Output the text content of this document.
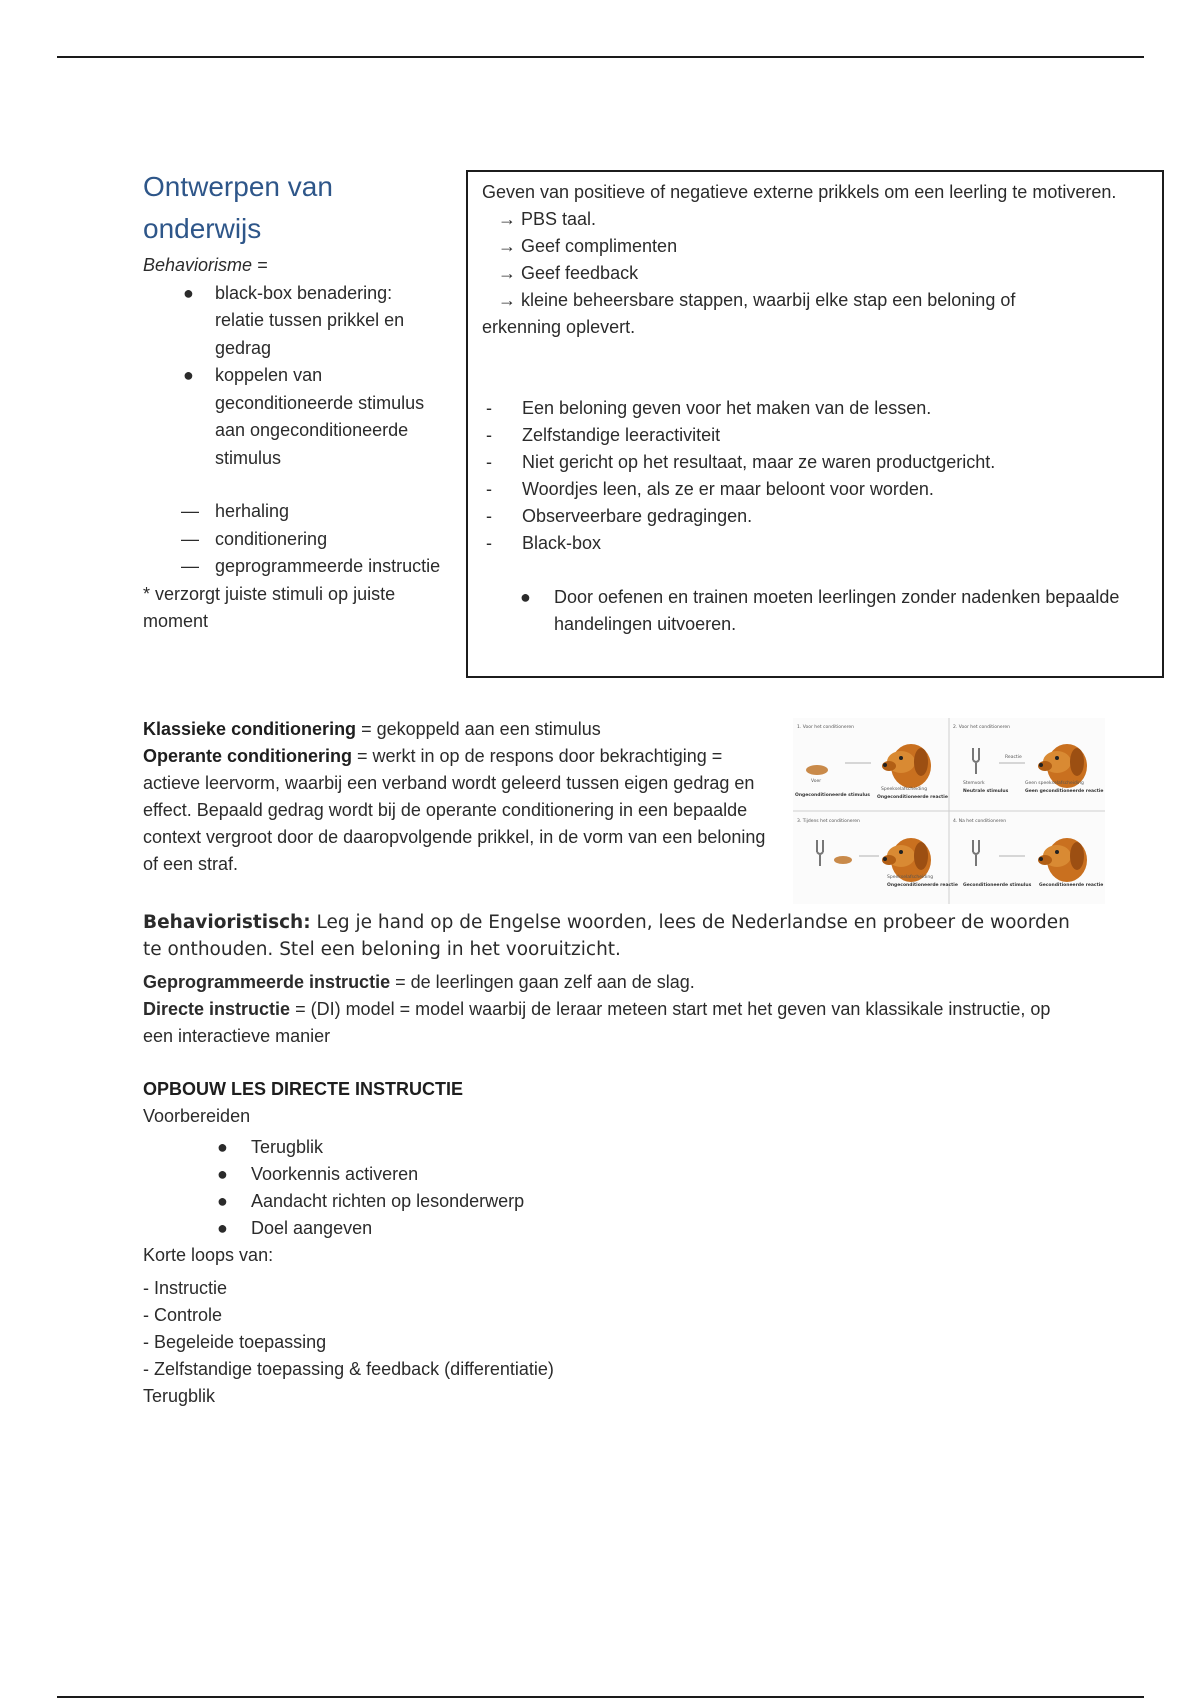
Ontwerpen van onderwijs
Behaviorisme =
● black-box benadering: relatie tussen prikkel en gedrag
● koppelen van geconditioneerde stimulus aan ongeconditioneerde stimulus
— herhaling
— conditionering
— geprogrammeerde instructie
* verzorgt juiste stimuli op juiste moment
Geven van positieve of negatieve externe prikkels om een leerling te motiveren.
→ PBS taal.
→ Geef complimenten
→ Geef feedback
→ kleine beheersbare stappen, waarbij elke stap een beloning of
erkenning oplevert.
- Een beloning geven voor het maken van de lessen.
- Zelfstandige leeractiviteit
- Niet gericht op het resultaat, maar ze waren productgericht.
- Woordjes leen, als ze er maar beloont voor worden.
- Observeerbare gedragingen.
- Black-box
● Door oefenen en trainen moeten leerlingen zonder nadenken bepaalde handelingen uitvoeren.
Klassieke conditionering = gekoppeld aan een stimulus
Operante conditionering = werkt in op de respons door bekrachtiging = actieve leervorm, waarbij een verband wordt geleerd tussen eigen gedrag en effect. Bepaald gedrag wordt bij de operante conditionering in een bepaalde context vergroot door de daaropvolgende prikkel, in de vorm van een beloning of een straf.
1. Voor het conditioneren	2. Voor het conditioneren
3. Tijdens het conditioneren	4. Na het conditioneren
Voer
Speekselafscheiding
Ongeconditioneerde stimulus Ongeconditioneerde reactie
Stemvork	Geen speekselafscheiding
Neutrale stimulus	Geen geconditioneerde reactie
Reactie
Speekselafscheiding
Ongeconditioneerde reactie Geconditioneerde stimulus Geconditioneerde reactie
Behavioristisch: Leg je hand op de Engelse woorden, lees de Nederlandse en probeer de woorden te onthouden. Stel een beloning in het vooruitzicht.
Geprogrammeerde instructie = de leerlingen gaan zelf aan de slag.
Directe instructie = (DI) model = model waarbij de leraar meteen start met het geven van klassikale instructie, op een interactieve manier
OPBOUW LES DIRECTE INSTRUCTIE
Voorbereiden
● Terugblik
● Voorkennis activeren
● Aandacht richten op lesonderwerp
● Doel aangeven
Korte loops van:
- Instructie
- Controle
- Begeleide toepassing
- Zelfstandige toepassing & feedback (differentiatie)
Terugblik
